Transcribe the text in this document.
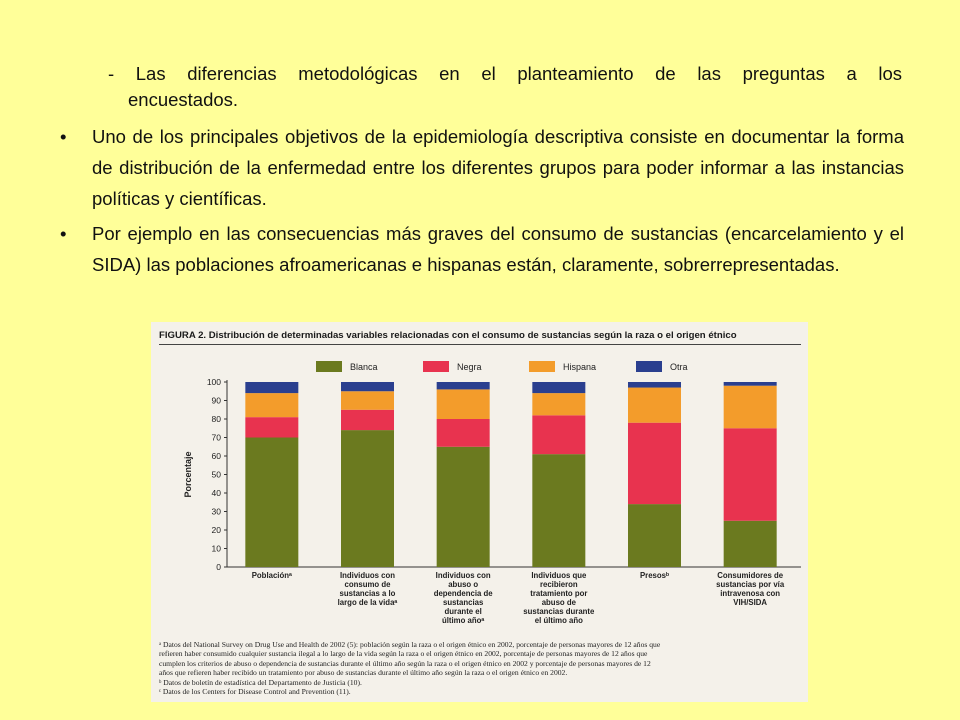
- Las diferencias metodológicas en el planteamiento de las preguntas a los
encuestados.
•	Uno de los principales objetivos de la epidemiología descriptiva consiste en documentar la forma de distribución de la enfermedad entre los diferentes grupos para poder informar a las instancias políticas y científicas.
•	Por ejemplo en las consecuencias más graves del consumo de sustancias (encarcelamiento y el SIDA) las poblaciones afroamericanas e hispanas están, claramente, sobrerrepresentadas.
FIGURA 2. Distribución de determinadas variables relacionadas con el consumo de sustancias según la raza o el origen étnico
Blanca	Negra	Hispana	Otra
0
10
20
30
40
50
60
70
80
90
100
Porcentaje
Poblaciónᵃ	Individuos con
consumo de
sustancias a lo
largo de la vidaᵃ
Individuos con
abuso o
dependencia de
sustancias
durante el
último añoᵃ
Individuos que
recibieron
tratamiento por
abuso de
sustancias durante
el último año
Presosᵇ	Consumidores de
sustancias por vía
intravenosa con
VIH/SIDA
ᵃ Datos del National Survey on Drug Use and Health de 2002 (5): población según la raza o el origen étnico en 2002, porcentaje de personas mayores de 12 años que
refieren haber consumido cualquier sustancia ilegal a lo largo de la vida según la raza o el origen étnico en 2002, porcentaje de personas mayores de 12 años que
cumplen los criterios de abuso o dependencia de sustancias durante el último año según la raza o el origen étnico en 2002 y porcentaje de personas mayores de 12
años que refieren haber recibido un tratamiento por abuso de sustancias durante el último año según la raza o el origen étnico en 2002.
ᵇ Datos de boletín de estadística del Departamento de Justicia (10).
ᶜ Datos de los Centers for Disease Control and Prevention (11).
